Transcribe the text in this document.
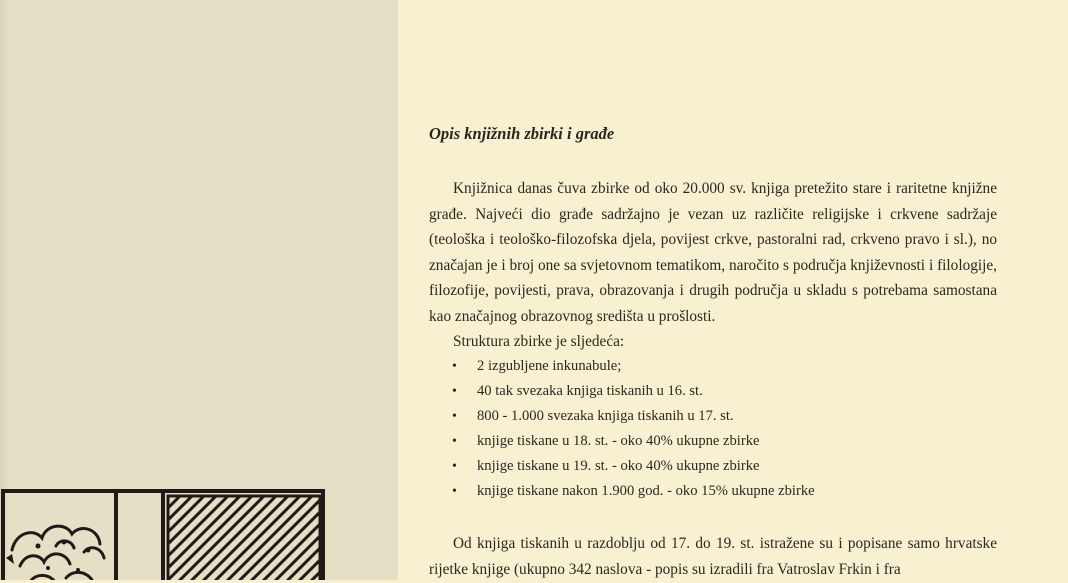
Opis knjižnih zbirki i građe
Knjižnica danas čuva zbirke od oko 20.000 sv. knjiga pretežito stare i raritetne knjižne građe. Najveći dio građe sadržajno je vezan uz različite religijske i crkvene sadržaje (teološka i teološko-filozofska djela, povijest crkve, pastoralni rad, crkveno pravo i sl.), no značajan je i broj one sa svjetovnom tematikom, naročito s područja književnosti i filologije, filozofije, povijesti, prava, obrazovanja i drugih područja u skladu s potrebama samostana kao značajnog obrazovnog središta u prošlosti.
Struktura zbirke je sljedeća:
• 2 izgubljene inkunabule;
• 40 tak svezaka knjiga tiskanih u 16. st.
• 800 - 1.000 svezaka knjiga tiskanih u 17. st.
• knjige tiskane u 18. st. - oko 40% ukupne zbirke
• knjige tiskane u 19. st. - oko 40% ukupne zbirke
• knjige tiskane nakon 1.900 god. - oko 15% ukupne zbirke
Od knjiga tiskanih u razdoblju od 17. do 19. st. istražene su i popisane samo hrvatske rijetke knjige (ukupno 342 naslova - popis su izradili fra Vatroslav Frkin i fra
